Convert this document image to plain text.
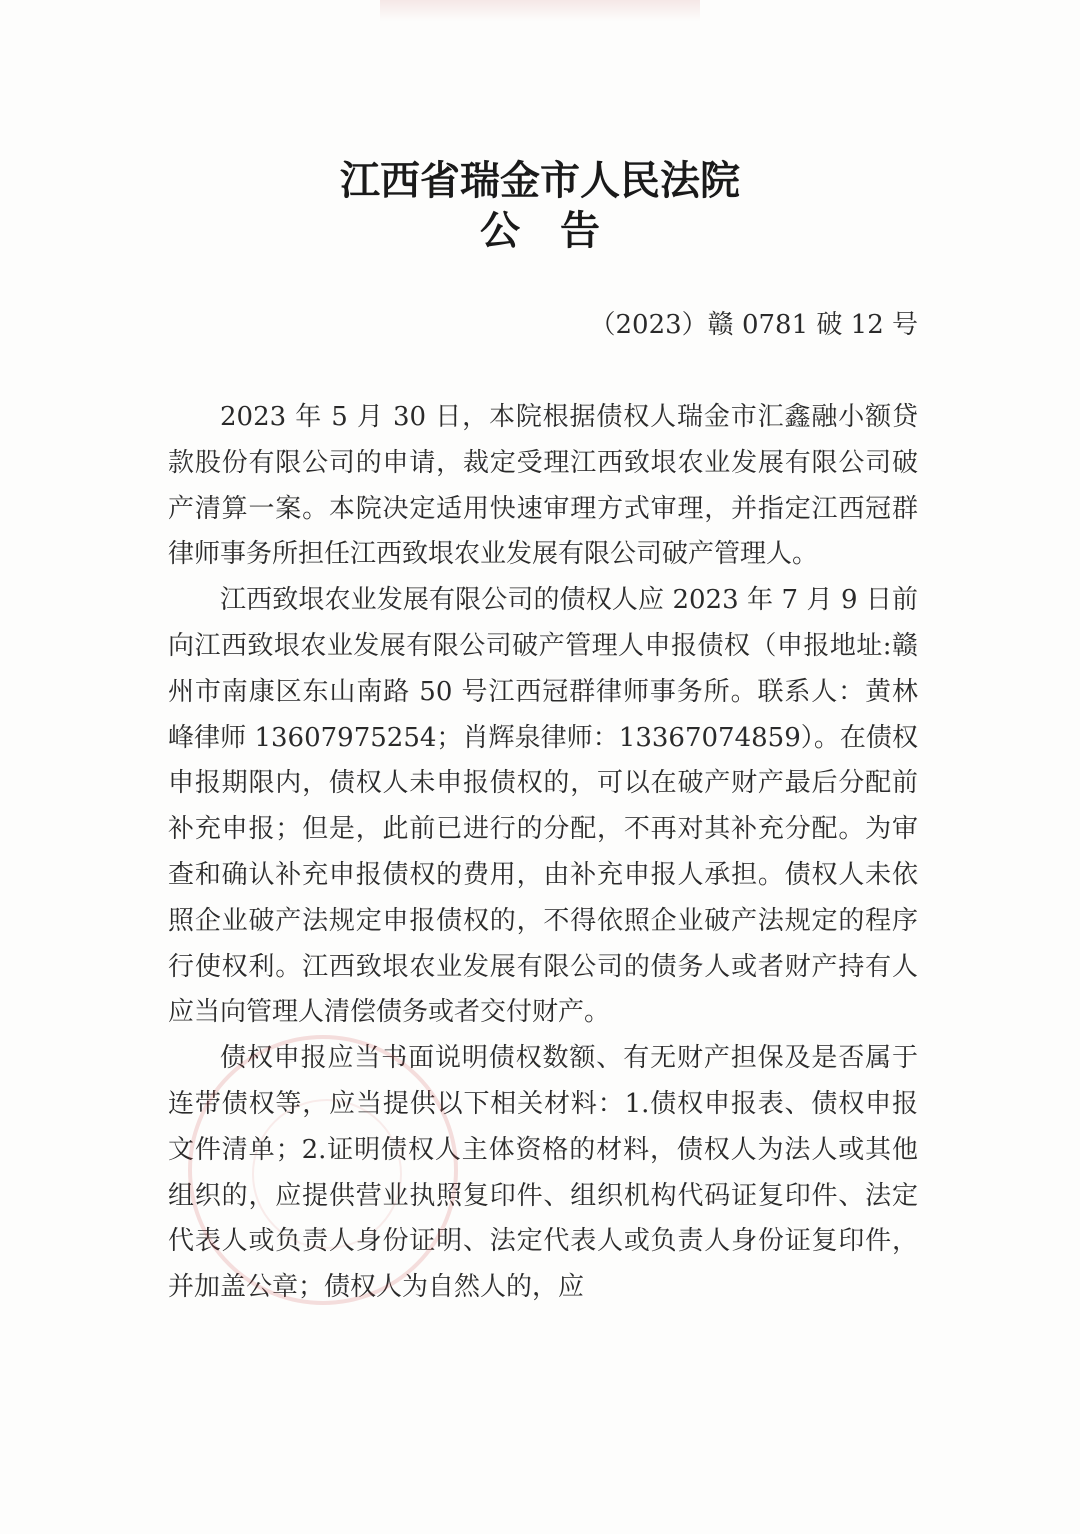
江西省瑞金市人民法院
公告
（2023）赣 0781 破 12 号

2023 年 5 月 30 日，本院根据债权人瑞金市汇鑫融小额贷款股份有限公司的申请，裁定受理江西致垠农业发展有限公司破产清算一案。本院决定适用快速审理方式审理，并指定江西冠群律师事务所担任江西致垠农业发展有限公司破产管理人。

江西致垠农业发展有限公司的债权人应 2023 年 7 月 9 日前向江西致垠农业发展有限公司破产管理人申报债权（申报地址:赣州市南康区东山南路 50 号江西冠群律师事务所。联系人：黄林峰律师 13607975254；肖辉泉律师：13367074859）。在债权申报期限内，债权人未申报债权的，可以在破产财产最后分配前补充申报；但是，此前已进行的分配，不再对其补充分配。为审查和确认补充申报债权的费用，由补充申报人承担。债权人未依照企业破产法规定申报债权的，不得依照企业破产法规定的程序行使权利。江西致垠农业发展有限公司的债务人或者财产持有人应当向管理人清偿债务或者交付财产。

债权申报应当书面说明债权数额、有无财产担保及是否属于连带债权等，应当提供以下相关材料：1.债权申报表、债权申报文件清单；2.证明债权人主体资格的材料，债权人为法人或其他组织的，应提供营业执照复印件、组织机构代码证复印件、法定代表人或负责人身份证明、法定代表人或负责人身份证复印件，并加盖公章；债权人为自然人的，应
